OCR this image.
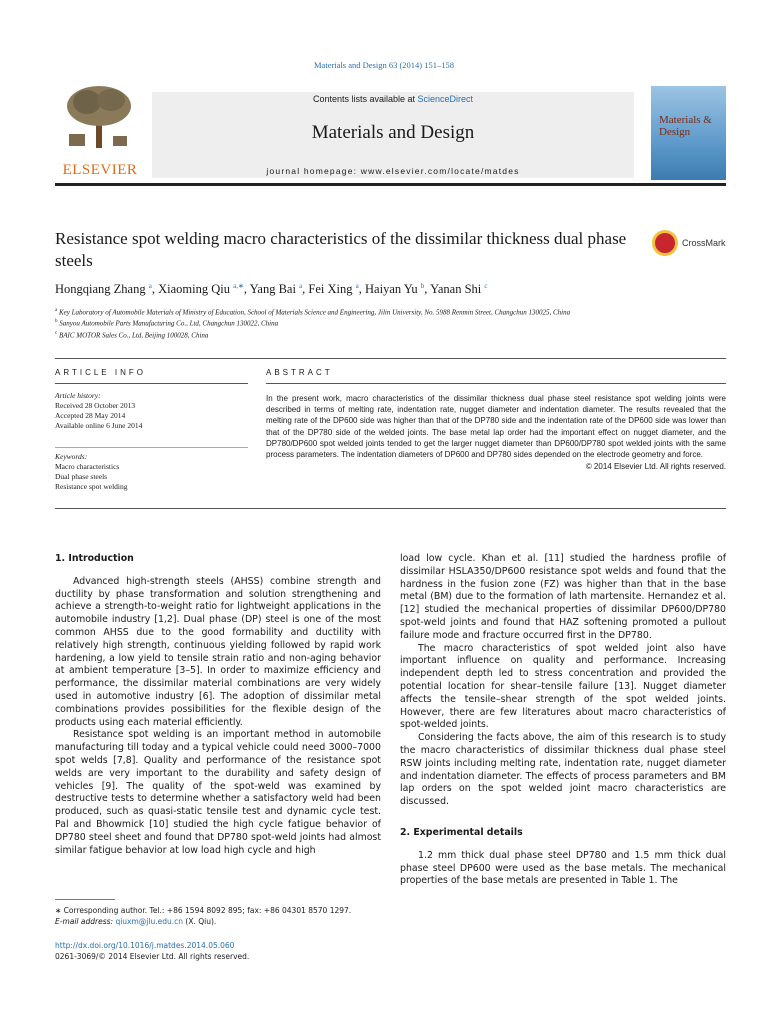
Materials and Design 63 (2014) 151–158
ELSEVIER
Contents lists available at ScienceDirect
Materials and Design
journal homepage: www.elsevier.com/locate/matdes
Materials & Design
Resistance spot welding macro characteristics of the dissimilar thickness dual phase steels
CrossMark
Hongqiang Zhang $^a$, Xiaoming Qiu $^{a,∗}$, Yang Bai $^a$, Fei Xing $^a$, Haiyan Yu $^b$, Yanan Shi $^c$
$^a$ Key Laboratory of Automobile Materials of Ministry of Education, School of Materials Science and Engineering, Jilin University, No. 5988 Renmin Street, Changchun 130025, China
$^b$ Sanyou Automobile Parts Manufacturing Co., Ltd, Changchun 130022, China
$^c$ BAIC MOTOR Sales Co., Ltd, Beijing 100028, China
ARTICLE INFO	ABSTRACT
Article history:
Received 28 October 2013
Accepted 28 May 2014
Available online 6 June 2014
Keywords:
Macro characteristics
Dual phase steels
Resistance spot welding
In the present work, macro characteristics of the dissimilar thickness dual phase steel resistance spot welding joints were described in terms of melting rate, indentation rate, nugget diameter and indentation diameter. The results revealed that the melting rate of the DP600 side was higher than that of the DP780 side and the indentation rate of the DP600 side was lower than that of the DP780 side of the welded joints. The base metal lap order had the important effect on nugget diameter, and the DP780/DP600 spot welded joints tended to get the larger nugget diameter than DP600/DP780 spot welded joints with the same process parameters. The indentation diameters of DP600 and DP780 sides depended on the electrode geometry and force.
© 2014 Elsevier Ltd. All rights reserved.
1. Introduction

Advanced high-strength steels (AHSS) combine strength and ductility by phase transformation and solution strengthening and achieve a strength-to-weight ratio for lightweight applications in the automobile industry [1,2]. Dual phase (DP) steel is one of the most common AHSS due to the good formability and ductility with relatively high strength, continuous yielding followed by rapid work hardening, a low yield to tensile strain ratio and non-aging behavior at ambient temperature [3–5]. In order to maximize efficiency and performance, the dissimilar material combinations are very widely used in automotive industry [6]. The adoption of dissimilar metal combinations provides possibilities for the flexible design of the products using each material efficiently.

Resistance spot welding is an important method in automobile manufacturing till today and a typical vehicle could need 3000–7000 spot welds [7,8]. Quality and performance of the resistance spot welds are very important to the durability and safety design of vehicles [9]. The quality of the spot-weld was examined by destructive tests to determine whether a satisfactory weld had been produced, such as quasi-static tensile test and dynamic cycle test. Pal and Bhowmick [10] studied the high cycle fatigue behavior of DP780 steel sheet and found that DP780 spot-weld joints had almost similar fatigue behavior at low load high cycle and high

load low cycle. Khan et al. [11] studied the hardness profile of dissimilar HSLA350/DP600 resistance spot welds and found that the hardness in the fusion zone (FZ) was higher than that in the base metal (BM) due to the formation of lath martensite. Hernandez et al. [12] studied the mechanical properties of dissimilar DP600/DP780 spot-weld joints and found that HAZ softening promoted a pullout failure mode and fracture occurred first in the DP780.

The macro characteristics of spot welded joint also have important influence on quality and performance. Increasing independent depth led to stress concentration and provided the potential location for shear–tensile failure [13]. Nugget diameter affects the tensile–shear strength of the spot welded joints. However, there are few literatures about macro characteristics of spot-welded joints.

Considering the facts above, the aim of this research is to study the macro characteristics of dissimilar thickness dual phase steel RSW joints including melting rate, indentation rate, nugget diameter and indentation diameter. The effects of process parameters and BM lap orders on the spot welded joint macro characteristics are discussed.

2. Experimental details

1.2 mm thick dual phase steel DP780 and 1.5 mm thick dual phase steel DP600 were used as the base metals. The mechanical properties of the base metals are presented in Table 1. The

∗ Corresponding author. Tel.: +86 1594 8092 895; fax: +86 04301 8570 1297.
E-mail address: qiuxm@jlu.edu.cn (X. Qiu).
http://dx.doi.org/10.1016/j.matdes.2014.05.060
0261-3069/© 2014 Elsevier Ltd. All rights reserved.
